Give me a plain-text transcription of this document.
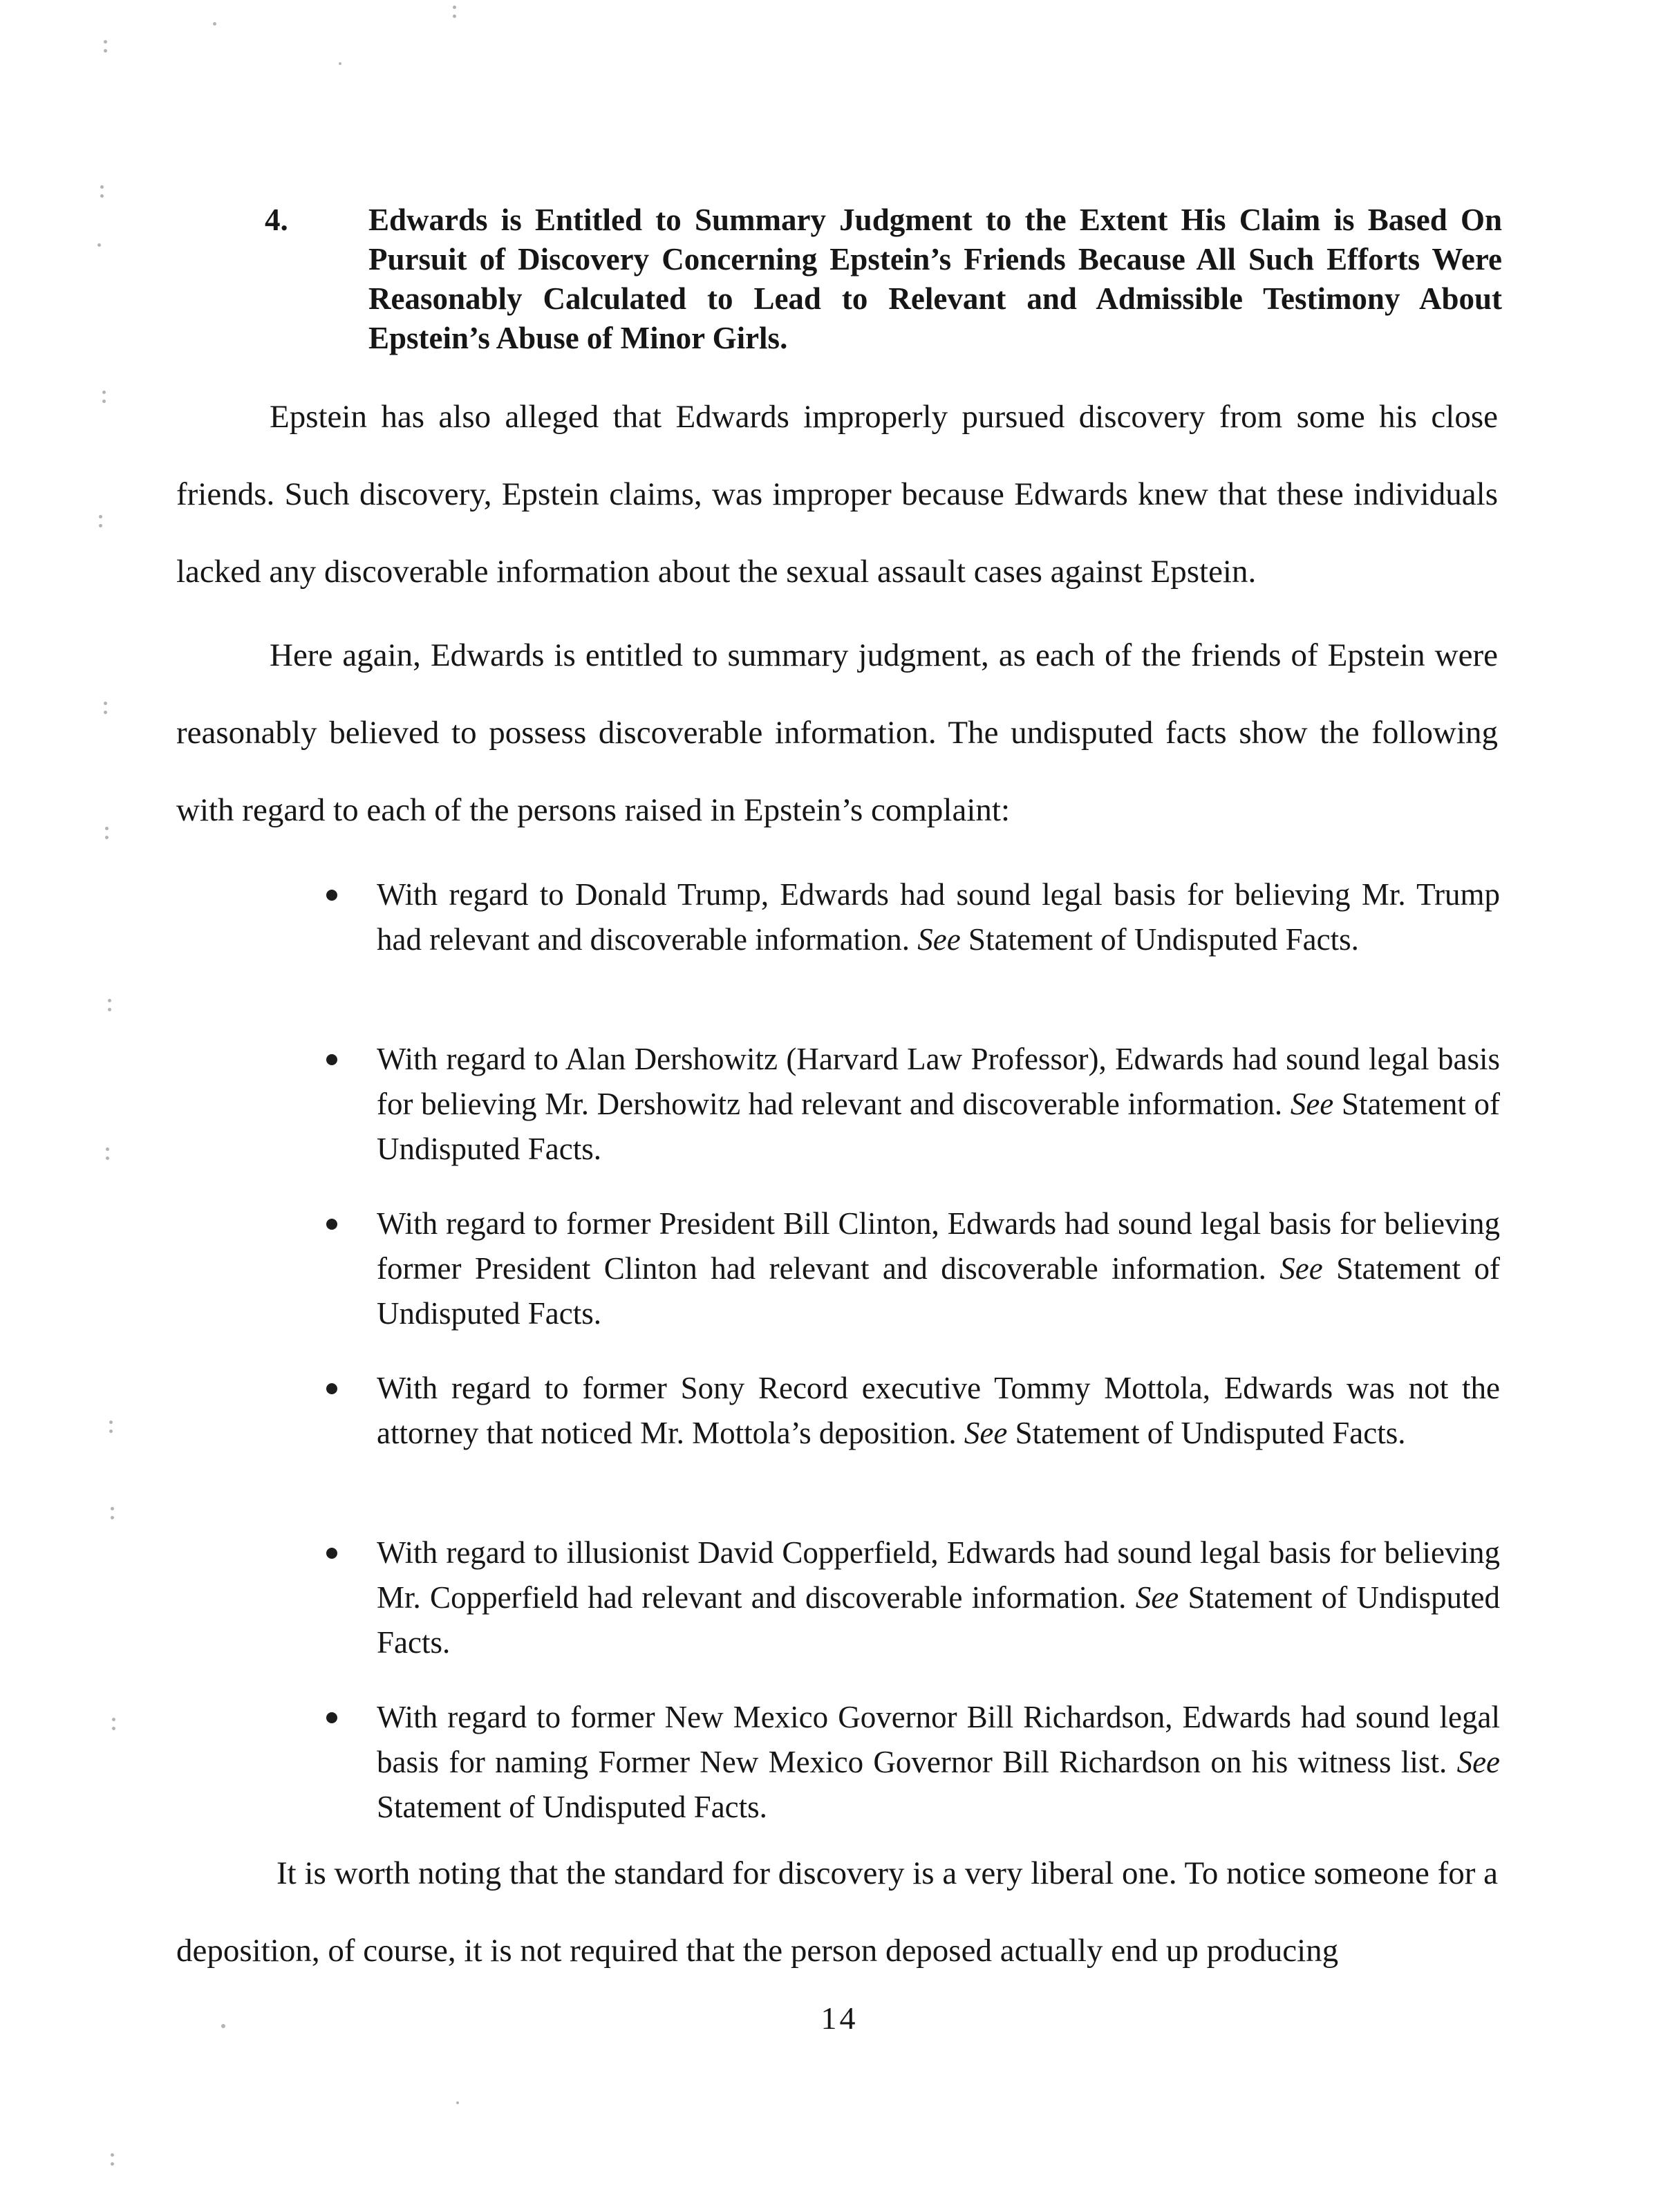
4.	Edwards is Entitled to Summary Judgment to the Extent His Claim is Based On Pursuit of Discovery Concerning Epstein’s Friends Because All Such Efforts Were Reasonably Calculated to Lead to Relevant and Admissible Testimony About Epstein’s Abuse of Minor Girls.
Epstein has also alleged that Edwards improperly pursued discovery from some his close friends. Such discovery, Epstein claims, was improper because Edwards knew that these individuals lacked any discoverable information about the sexual assault cases against Epstein.
Here again, Edwards is entitled to summary judgment, as each of the friends of Epstein were reasonably believed to possess discoverable information. The undisputed facts show the following with regard to each of the persons raised in Epstein’s complaint:
With regard to Donald Trump, Edwards had sound legal basis for believing Mr. Trump had relevant and discoverable information. See Statement of Undisputed Facts.
With regard to Alan Dershowitz (Harvard Law Professor), Edwards had sound legal basis for believing Mr. Dershowitz had relevant and discoverable information. See Statement of Undisputed Facts.
With regard to former President Bill Clinton, Edwards had sound legal basis for believing former President Clinton had relevant and discoverable information. See Statement of Undisputed Facts.
With regard to former Sony Record executive Tommy Mottola, Edwards was not the attorney that noticed Mr. Mottola’s deposition. See Statement of Undisputed Facts.
With regard to illusionist David Copperfield, Edwards had sound legal basis for believing Mr. Copperfield had relevant and discoverable information. See Statement of Undisputed Facts.
With regard to former New Mexico Governor Bill Richardson, Edwards had sound legal basis for naming Former New Mexico Governor Bill Richardson on his witness list. See Statement of Undisputed Facts.
It is worth noting that the standard for discovery is a very liberal one. To notice someone for a deposition, of course, it is not required that the person deposed actually end up producing
14
